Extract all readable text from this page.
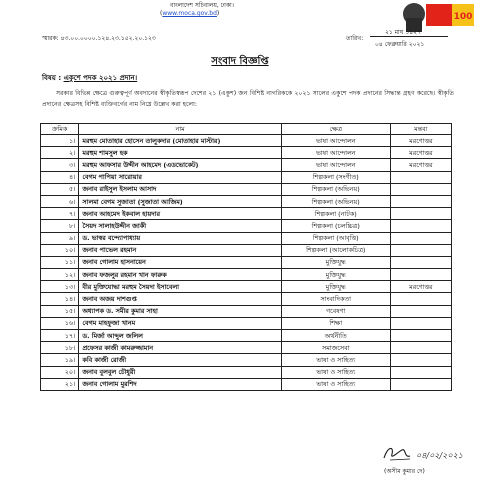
বাংলাদেশ সচিবালয়, ঢাকা।
(www.moca.gov.bd)	100
স্মারক: ৪৩.০০.০০০০.১২৪.২৩.১৫২.২০.১২৩	তারিখ:
২১ মাঘ ১৪২৭
০৪ ফেব্রুয়ারি ২০২১
সংবাদ বিজ্ঞপ্তি
বিষয় : একুশে পদক ২০২১ প্রদান।
সরকার বিভিন্ন ক্ষেত্রে গুরুত্বপূর্ণ অবদানের স্বীকৃতিস্বরূপ দেশের ২১ (একুশ) জন বিশিষ্ট নাগরিককে ২০২১ সালের একুশে পদক প্রদানের সিদ্ধান্ত গ্রহণ করেছে। স্বীকৃতি প্রদানের ক্ষেত্রসহ বিশিষ্ট ব্যক্তিবর্গের নাম নিম্নে উল্লেখ করা হলো:
ক্রমিক	নাম	ক্ষেত্র	মন্তব্য
১।	মরহুম মোতাহার হোসেন তালুকদার (মোতাহার মাস্টার)	ভাষা আন্দোলন	মরণোত্তর
২।	মরহুম শামসুল হক	ভাষা আন্দোলন	মরণোত্তর
৩।	মরহুম আফসার উদ্দীন আহমেদ (এডভোকেট)	ভাষা আন্দোলন	মরণোত্তর
৪।	বেগম পাপিয়া সারোয়ার	শিল্পকলা (সংগীত)	
৫।	জনাব রাইসুল ইসলাম আসাদ	শিল্পকলা (অভিনয়)	
৬।	সালমা বেগম সুজাতা (সুজাতা আজিম)	শিল্পকলা (অভিনয়)	
৭।	জনাব আহমেদ ইকবাল হায়দার	শিল্পকলা (নাটক)	
৮।	সৈয়দ সালাহউদ্দীন জাকী	শিল্পকলা (চলচ্চিত্র)	
৯।	ড. ভাস্বর বন্দ্যোপাধ্যায়	শিল্পকলা (আবৃত্তি)	
১০।	জনাব পাভেল রহমান	শিল্পকলা (আলোকচিত্র)	
১১।	জনাব গোলাম হাসনায়েন	মুক্তিযুদ্ধ	
১২।	জনাব ফজলুর রহমান খান ফারুক	মুক্তিযুদ্ধ	
১৩।	বীর মুক্তিযোদ্ধা মরহুম সৈয়দা ইসাবেলা	মুক্তিযুদ্ধ	মরণোত্তর
১৪।	জনাব অজয় দাশগুপ্ত	সাংবাদিকতা	
১৫।	অধ্যাপক ড. সমীর কুমার সাহা	গবেষণা	
১৬।	বেগম মাহফুজা খানম	শিক্ষা	
১৭।	ড. মির্জা আব্দুল জলিল	অর্থনীতি	
১৮।	প্রফেসর কাজী কামরুজ্জামান	সমাজসেবা	
১৯।	কবি কাজী রোজী	ভাষা ও সাহিত্য	
২০।	জনাব বুলবুল চৌধুরী	ভাষা ও সাহিত্য	
২১।	জনাব গোলাম মুরশিদ	ভাষা ও সাহিত্য	
০৪/০২/২০২১
(অসীম কুমার দে)
